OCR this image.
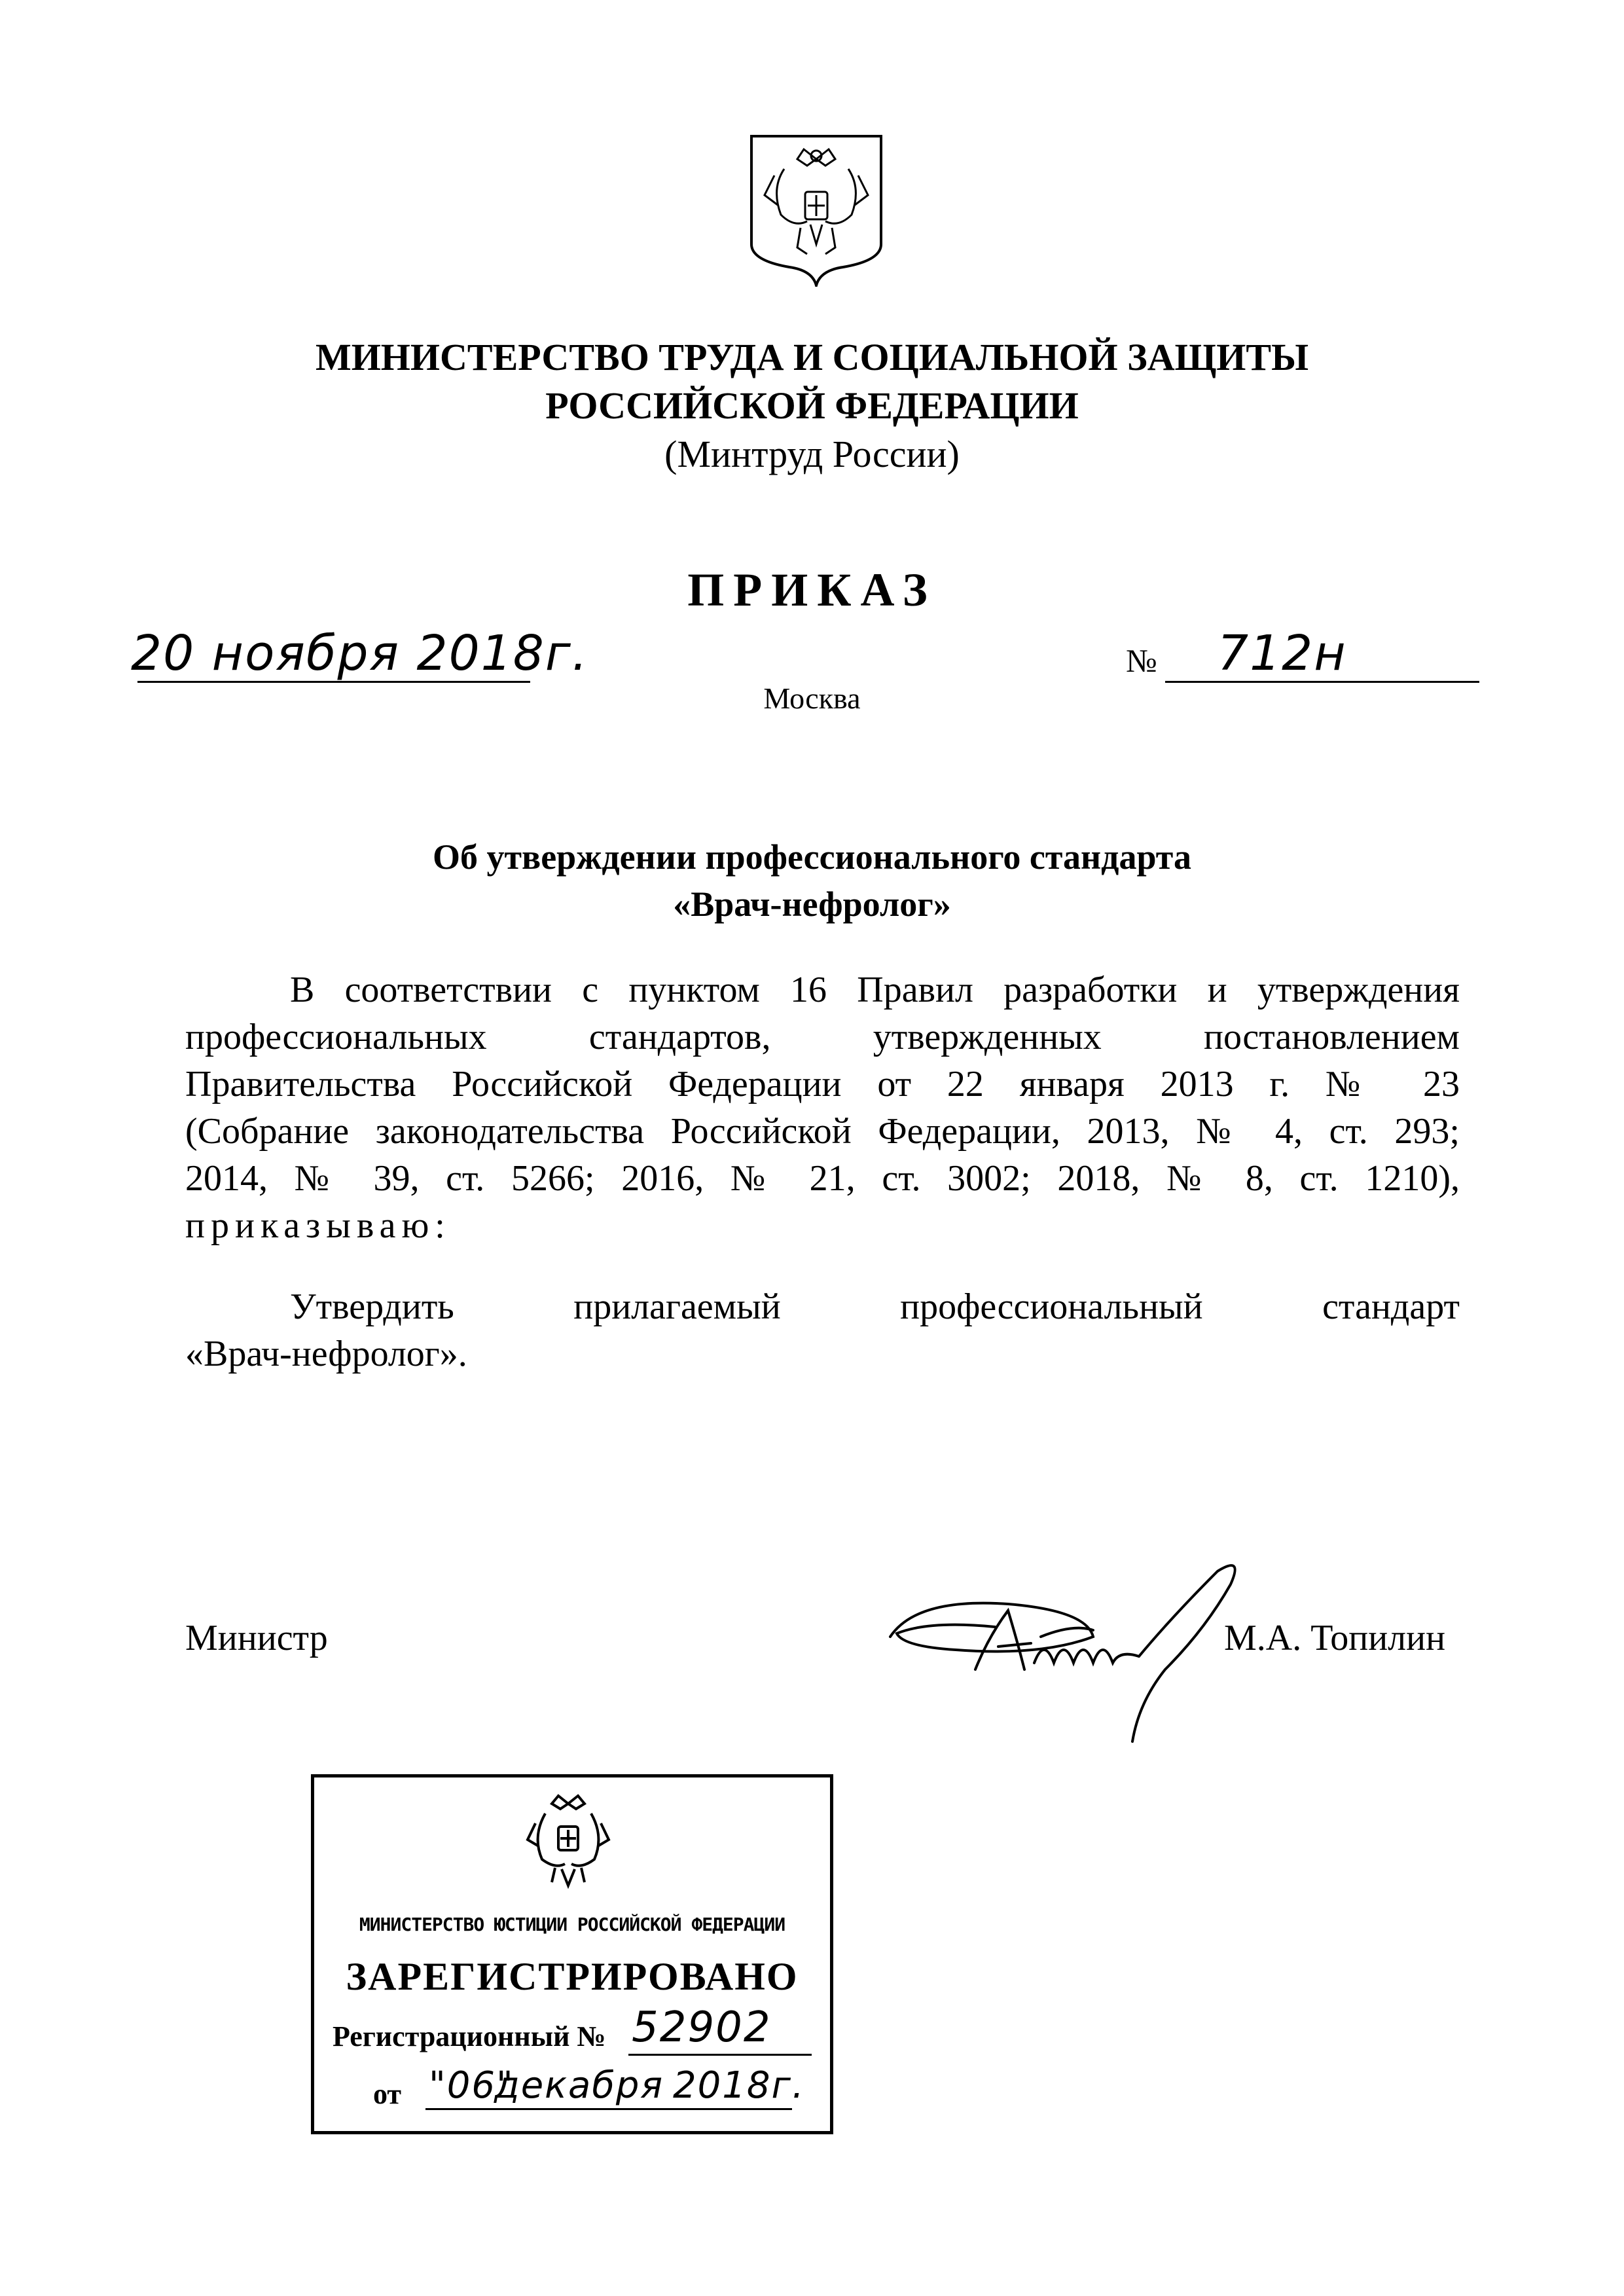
МИНИСТЕРСТВО ТРУДА И СОЦИАЛЬНОЙ ЗАЩИТЫ
РОССИЙСКОЙ ФЕДЕРАЦИИ
(Минтруд России)
ПРИКАЗ
20 ноября 2018г.	№ 712н
Москва
Об утверждении профессионального стандарта
«Врач-нефролог»
В соответствии с пунктом 16 Правил разработки и утверждения
профессиональных стандартов, утвержденных постановлением
Правительства Российской Федерации от 22 января 2013 г. № 23
(Собрание законодательства Российской Федерации, 2013, № 4, ст. 293;
2014, № 39, ст. 5266; 2016, № 21, ст. 3002; 2018, № 8, ст. 1210),
приказываю:
Утвердить прилагаемый профессиональный стандарт
«Врач-нефролог».
Министр	М.А. Топилин
МИНИСТЕРСТВО ЮСТИЦИИ РОССИЙСКОЙ ФЕДЕРАЦИИ
ЗАРЕГИСТРИРОВАНО
Регистрационный № 52902
от "06"
декабря 2018г.
